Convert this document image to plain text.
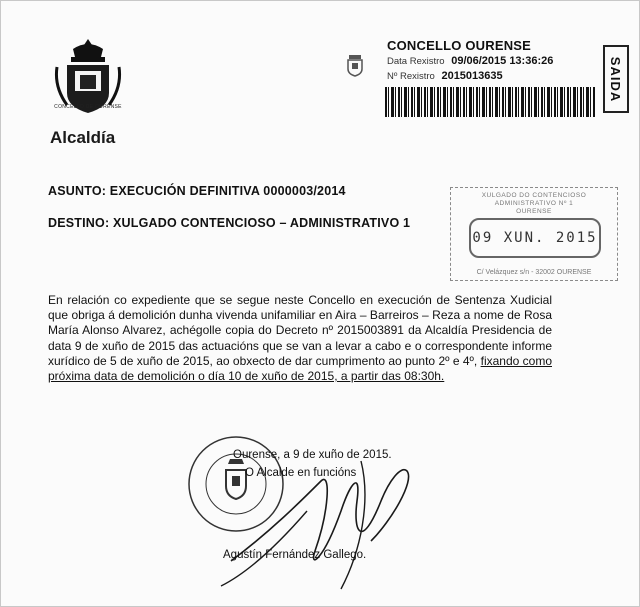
CONCELLO DE OURENSE
Alcaldía
CONCELLO OURENSE
Data Rexistro 09/06/2015 13:36:26
Nº Rexistro 2015013635	SAIDA
ASUNTO: EXECUCIÓN DEFINITIVA 0000003/2014
DESTINO: XULGADO CONTENCIOSO – ADMINISTRATIVO 1
XULGADO DO CONTENCIOSO
ADMINISTRATIVO Nº 1
OURENSE
09 XUN. 2015
C/ Velázquez s/n - 32002 OURENSE
En relación co expediente que se segue neste Concello en execución de Sentenza Xudicial que obriga á demolición dunha vivenda unifamiliar en Aira – Barreiros – Reza a nome de Rosa María Alonso Alvarez, achégolle copia do Decreto nº 2015003891 da Alcaldía Presidencia de data 9 de xuño de 2015 das actuacións que se van a levar a cabo e o correspondente informe xurídico de 5 de xuño de 2015, ao obxecto de dar cumprimento ao punto 2º e 4º, fixando como próxima data de demolición o día 10 de xuño de 2015, a partir das 08:30h.
Ourense, a 9 de xuño de 2015.
O Alcalde en funcións
Agustín Fernández Gallego.
